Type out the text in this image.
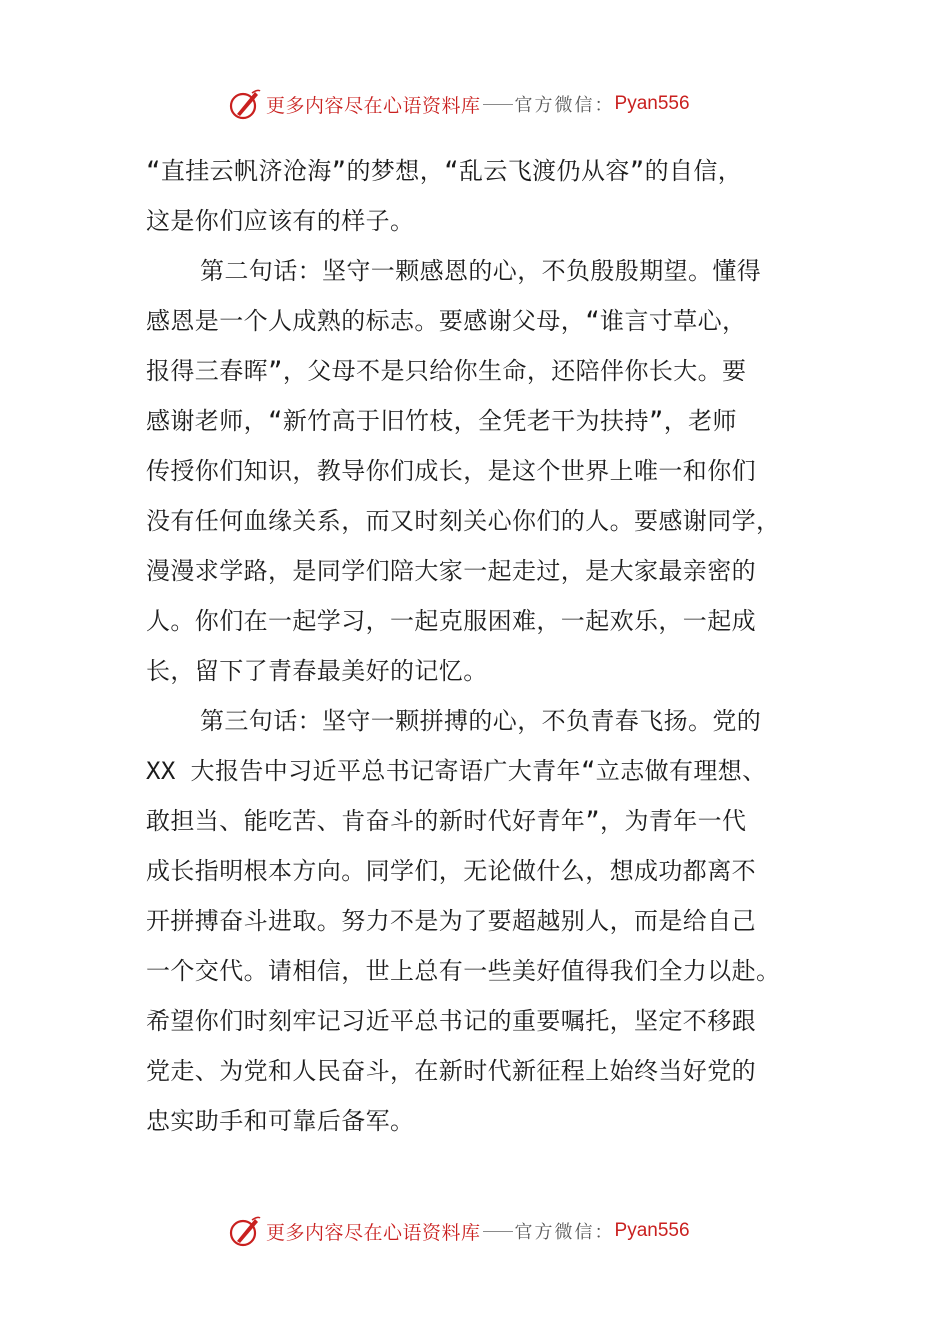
更多内容尽在心语资料库 官方微信： Pyan556
“直挂云帆济沧海”的梦想，“乱云飞渡仍从容”的自信，
这是你们应该有的样子。
第二句话：坚守一颗感恩的心，不负殷殷期望。懂得
感恩是一个人成熟的标志。要感谢父母，“谁言寸草心，
报得三春晖”，父母不是只给你生命，还陪伴你长大。要
感谢老师，“新竹高于旧竹枝，全凭老干为扶持”，老师
传授你们知识，教导你们成长，是这个世界上唯一和你们
没有任何血缘关系，而又时刻关心你们的人。要感谢同学，
漫漫求学路，是同学们陪大家一起走过，是大家最亲密的
人。你们在一起学习，一起克服困难，一起欢乐，一起成
长，留下了青春最美好的记忆。
第三句话：坚守一颗拼搏的心，不负青春飞扬。党的
XX 大报告中习近平总书记寄语广大青年“立志做有理想、
敢担当、能吃苦、肯奋斗的新时代好青年”，为青年一代
成长指明根本方向。同学们，无论做什么，想成功都离不
开拼搏奋斗进取。努力不是为了要超越别人，而是给自己
一个交代。请相信，世上总有一些美好值得我们全力以赴。
希望你们时刻牢记习近平总书记的重要嘱托，坚定不移跟
党走、为党和人民奋斗，在新时代新征程上始终当好党的
忠实助手和可靠后备军。
更多内容尽在心语资料库 官方微信： Pyan556
